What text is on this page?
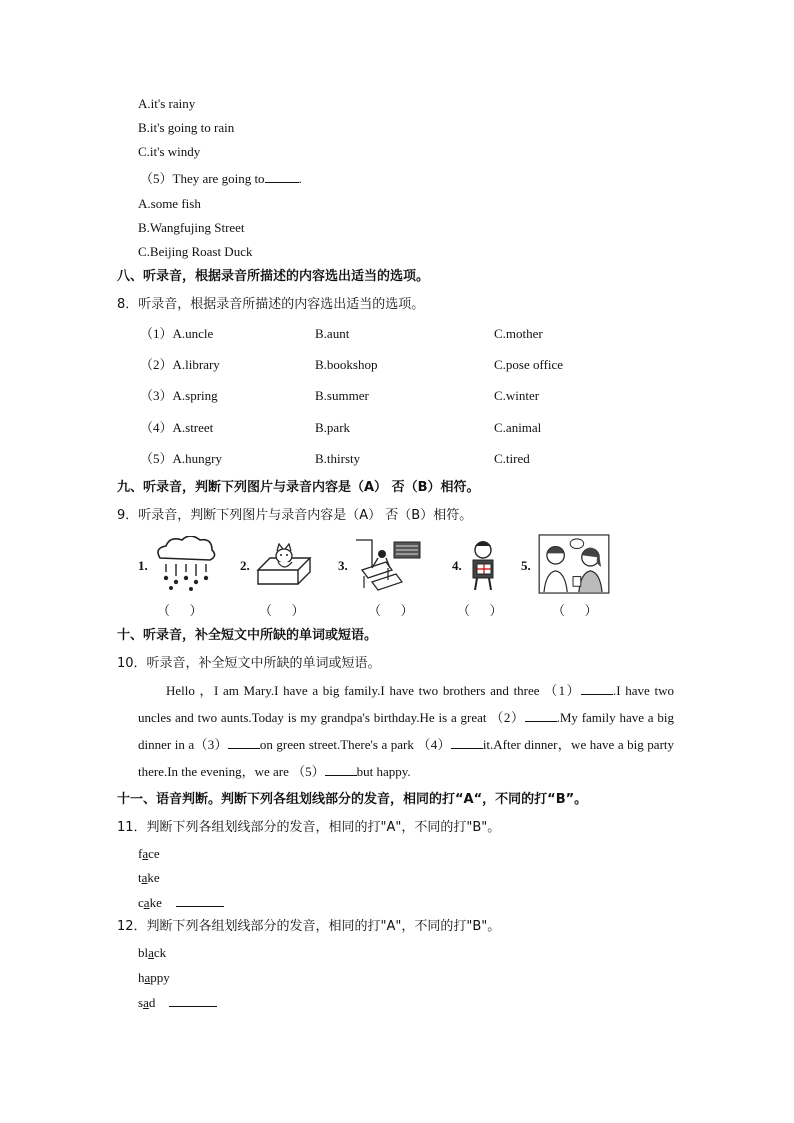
A.it's rainy
B.it's going to rain
C.it's windy
（5）They are going to	.
A.some fish
B.Wangfujing Street
C.Beijing Roast Duck
八、听录音，根据录音所描述的内容选出适当的选项。
8．听录音，根据录音所描述的内容选出适当的选项。
（1）A.uncle	B.aunt	C.mother
（2）A.library	B.bookshop	C.pose office
（3）A.spring	B.summer	C.winter
（4）A.street	B.park	C.animal
（5）A.hungry	B.thirsty	C.tired
九、听录音，判断下列图片与录音内容是（A） 否（B）相符。
9．听录音，判断下列图片与录音内容是（A） 否（B）相符。
1.	2.	3.	4.	5.
（      ）	（      ）	（      ）	（      ）	（      ）
十、听录音，补全短文中所缺的单词或短语。
10．听录音，补全短文中所缺的单词或短语。
Hello ，I am Mary.I have a big family.I have two brothers and three （1） .I have two uncles and two aunts.Today is my grandpa's birthday.He is a great （2） .My family have a big dinner in a（3） on green street.There's a park （4） it.After dinner，we have a big party there.In the evening，we are （5） but happy.
十一、语音判断。判断下列各组划线部分的发音，相同的打“A“，不同的打“B”。
11．判断下列各组划线部分的发音，相同的打"A"，不同的打"B"。
face
take
cake
12．判断下列各组划线部分的发音，相同的打"A"，不同的打"B"。
black
happy
sad
